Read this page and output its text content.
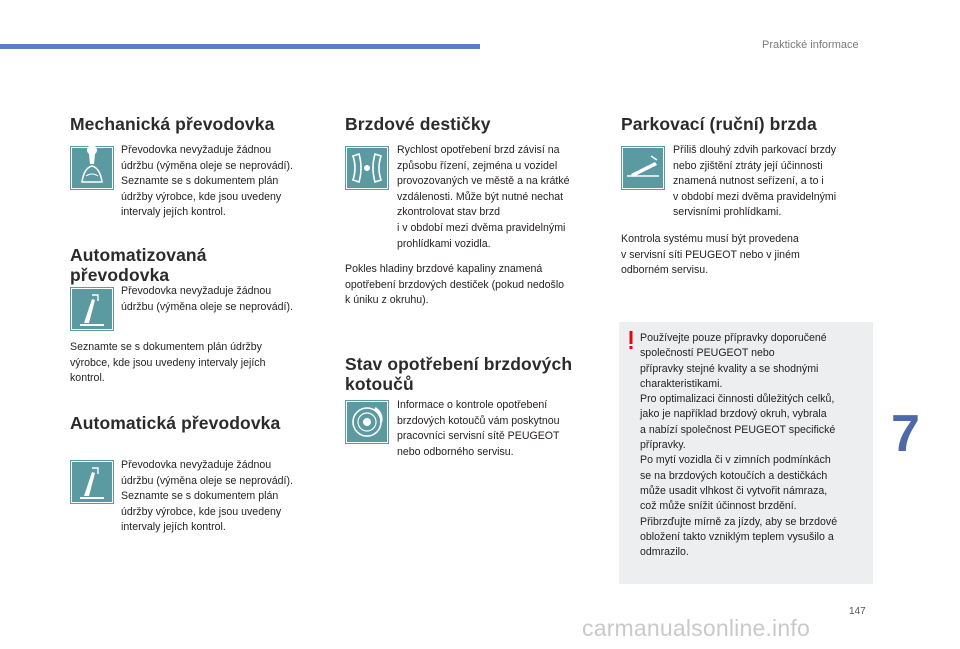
Praktické informace
Mechanická převodovka
Převodovka nevyžaduje žádnou
údržbu (výměna oleje se neprovádí).
Seznamte se s dokumentem plán
údržby výrobce, kde jsou uvedeny
intervaly jejích kontrol.
Automatizovaná
převodovka
Převodovka nevyžaduje žádnou
údržbu (výměna oleje se neprovádí).
Seznamte se s dokumentem plán údržby
výrobce, kde jsou uvedeny intervaly jejích
kontrol.
Automatická převodovka
Převodovka nevyžaduje žádnou
údržbu (výměna oleje se neprovádí).
Seznamte se s dokumentem plán
údržby výrobce, kde jsou uvedeny
intervaly jejích kontrol.
Brzdové destičky
Rychlost opotřebení brzd závisí na
způsobu řízení, zejména u vozidel
provozovaných ve městě a na krátké
vzdálenosti. Může být nutné nechat
zkontrolovat stav brzd
i v období mezi dvěma pravidelnými
prohlídkami vozidla.
Pokles hladiny brzdové kapaliny znamená
opotřebení brzdových destiček (pokud nedošlo
k úniku z okruhu).
Stav opotřebení brzdových
kotoučů
Informace o kontrole opotřebení
brzdových kotoučů vám poskytnou
pracovníci servisní sítě PEUGEOT
nebo odborného servisu.
Parkovací (ruční) brzda
Příliš dlouhý zdvih parkovací brzdy
nebo zjištění ztráty její účinnosti
znamená nutnost seřízení, a to i
v období mezi dvěma pravidelnými
servisními prohlídkami.
Kontrola systému musí být provedena
v servisní síti PEUGEOT nebo v jiném
odborném servisu.
Používejte pouze přípravky doporučené
společností PEUGEOT nebo
přípravky stejné kvality a se shodnými
charakteristikami.
Pro optimalizaci činnosti důležitých celků,
jako je například brzdový okruh, vybrala
a nabízí společnost PEUGEOT specifické
přípravky.
Po mytí vozidla či v zimních podmínkách
se na brzdových kotoučích a destičkách
může usadit vlhkost či vytvořit námraza,
což může snížit účinnost brzdění.
Přibrzďujte mírně za jízdy, aby se brzdové
obložení takto vzniklým teplem vysušilo a
odmrazilo.
7
147
carmanualsonline.info
